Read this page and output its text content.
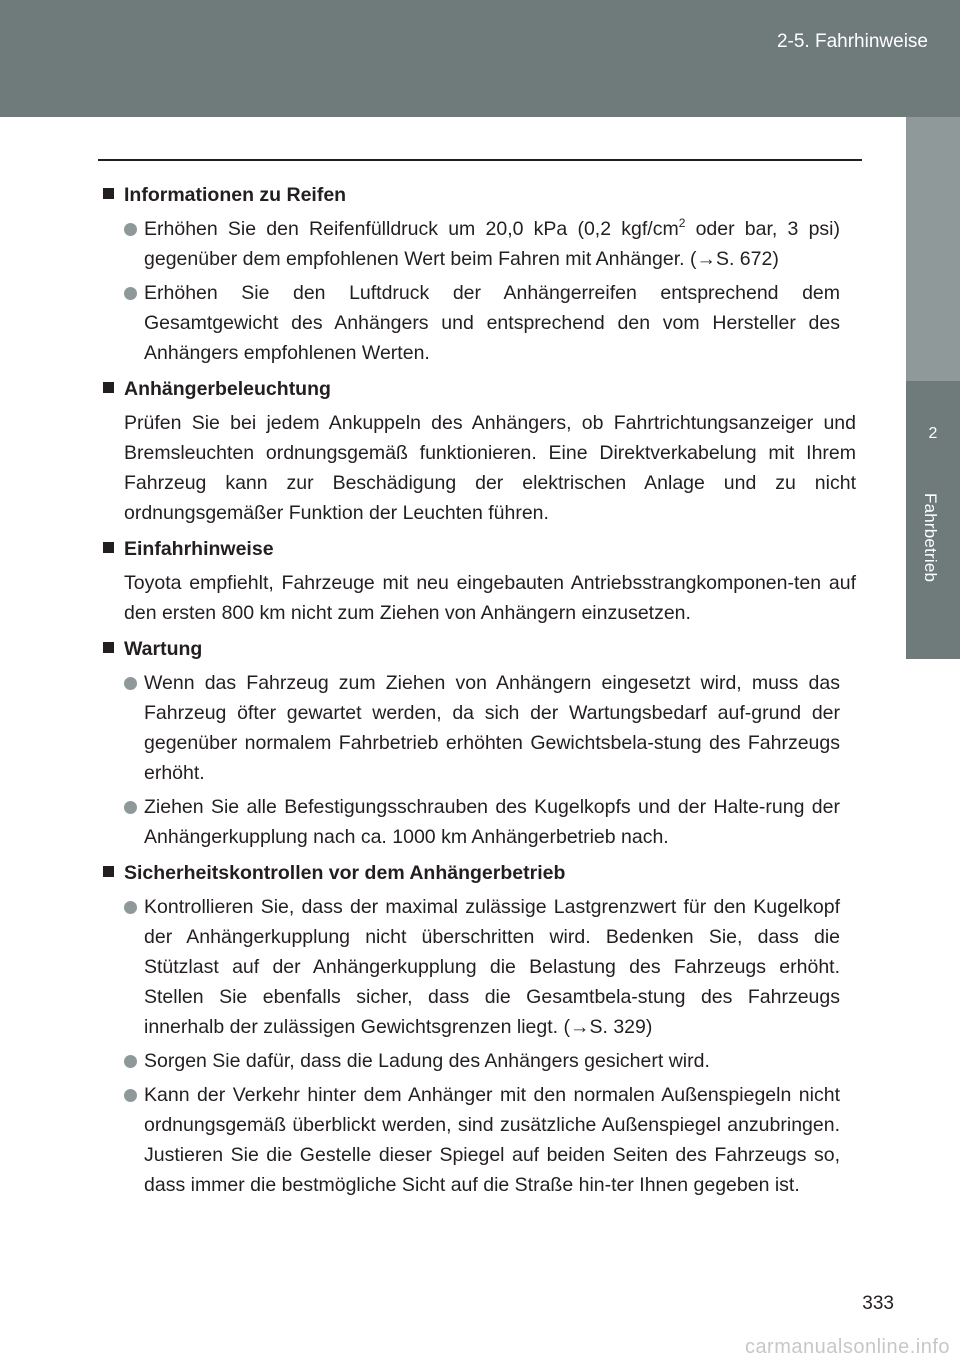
2-5. Fahrhinweise
2
Fahrbetrieb
Informationen zu Reifen
Erhöhen Sie den Reifenfülldruck um 20,0 kPa (0,2 kgf/$cm^2$ oder bar, 3 psi) gegenüber dem empfohlenen Wert beim Fahren mit Anhänger. (→S. 672)
Erhöhen Sie den Luftdruck der Anhängerreifen entsprechend dem Gesamtgewicht des Anhängers und entsprechend den vom Hersteller des Anhängers empfohlenen Werten.
Anhängerbeleuchtung
Prüfen Sie bei jedem Ankuppeln des Anhängers, ob Fahrtrichtungsanzeiger und Bremsleuchten ordnungsgemäß funktionieren. Eine Direktverkabelung mit Ihrem Fahrzeug kann zur Beschädigung der elektrischen Anlage und zu nicht ordnungsgemäßer Funktion der Leuchten führen.
Einfahrhinweise
Toyota empfiehlt, Fahrzeuge mit neu eingebauten Antriebsstrangkomponen-ten auf den ersten 800 km nicht zum Ziehen von Anhängern einzusetzen.
Wartung
Wenn das Fahrzeug zum Ziehen von Anhängern eingesetzt wird, muss das Fahrzeug öfter gewartet werden, da sich der Wartungsbedarf auf-grund der gegenüber normalem Fahrbetrieb erhöhten Gewichtsbela-stung des Fahrzeugs erhöht.
Ziehen Sie alle Befestigungsschrauben des Kugelkopfs und der Halte-rung der Anhängerkupplung nach ca. 1000 km Anhängerbetrieb nach.
Sicherheitskontrollen vor dem Anhängerbetrieb
Kontrollieren Sie, dass der maximal zulässige Lastgrenzwert für den Kugelkopf der Anhängerkupplung nicht überschritten wird. Bedenken Sie, dass die Stützlast auf der Anhängerkupplung die Belastung des Fahrzeugs erhöht. Stellen Sie ebenfalls sicher, dass die Gesamtbela-stung des Fahrzeugs innerhalb der zulässigen Gewichtsgrenzen liegt. (→S. 329)
Sorgen Sie dafür, dass die Ladung des Anhängers gesichert wird.
Kann der Verkehr hinter dem Anhänger mit den normalen Außenspiegeln nicht ordnungsgemäß überblickt werden, sind zusätzliche Außenspiegel anzubringen. Justieren Sie die Gestelle dieser Spiegel auf beiden Seiten des Fahrzeugs so, dass immer die bestmögliche Sicht auf die Straße hin-ter Ihnen gegeben ist.
333
carmanualsonline.info
